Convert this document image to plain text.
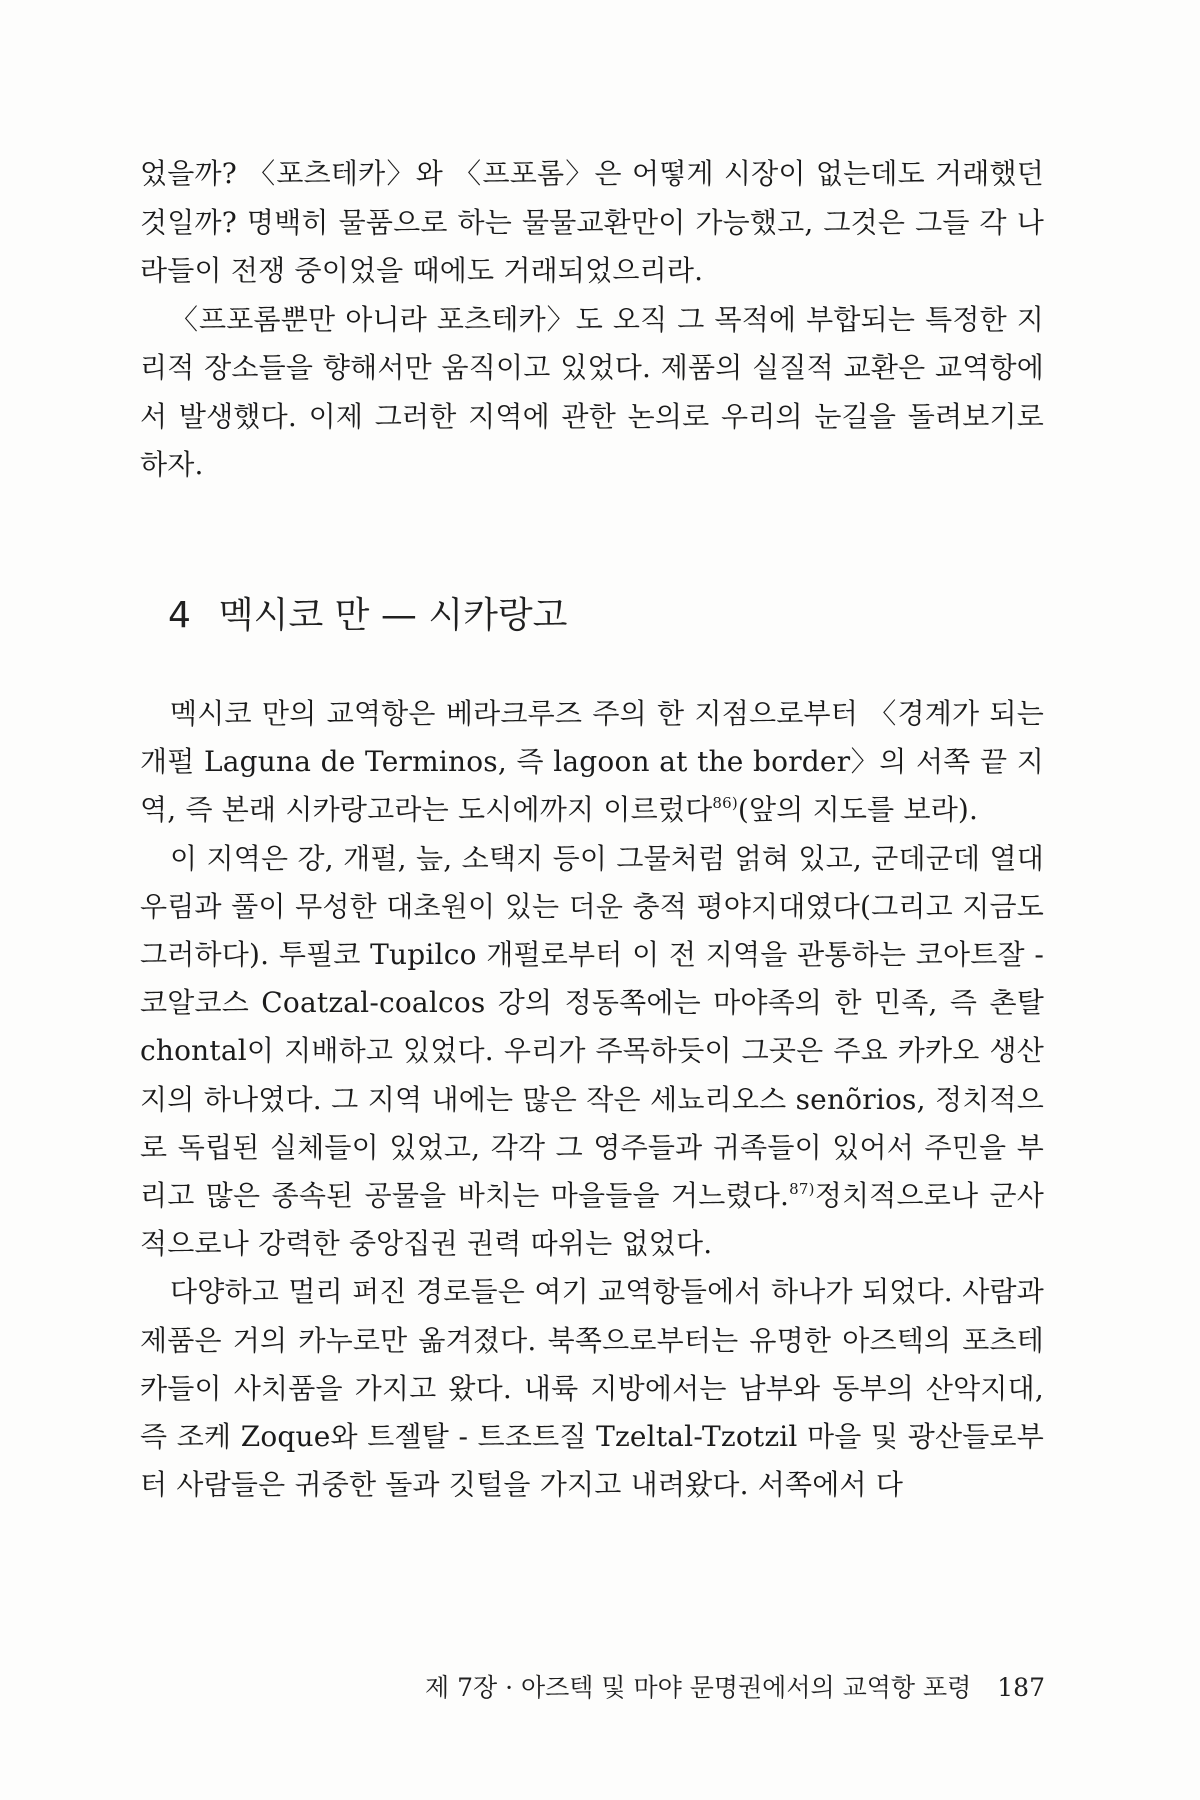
었을까? 〈포츠테카〉와 〈프포롬〉은 어떻게 시장이 없는데도 거래했던 것일까? 명백히 물품으로 하는 물물교환만이 가능했고, 그것은 그들 각 나라들이 전쟁 중이었을 때에도 거래되었으리라.

〈프포롬뿐만 아니라 포츠테카〉도 오직 그 목적에 부합되는 특정한 지리적 장소들을 향해서만 움직이고 있었다. 제품의 실질적 교환은 교역항에서 발생했다. 이제 그러한 지역에 관한 논의로 우리의 눈길을 돌려보기로 하자.

4 멕시코 만 — 시카랑고

멕시코 만의 교역항은 베라크루즈 주의 한 지점으로부터 〈경계가 되는 개펄 Laguna de Terminos, 즉 lagoon at the border〉의 서쪽 끝 지역, 즉 본래 시카랑고라는 도시에까지 이르렀다$^{86)}$(앞의 지도를 보라).

이 지역은 강, 개펄, 늪, 소택지 등이 그물처럼 얽혀 있고, 군데군데 열대우림과 풀이 무성한 대초원이 있는 더운 충적 평야지대였다(그리고 지금도 그러하다). 투필코 Tupilco 개펄로부터 이 전 지역을 관통하는 코아트잘 - 코알코스 Coatzal-coalcos 강의 정동쪽에는 마야족의 한 민족, 즉 촌탈 chontal이 지배하고 있었다. 우리가 주목하듯이 그곳은 주요 카카오 생산지의 하나였다. 그 지역 내에는 많은 작은 세뇨리오스 senõrios, 정치적으로 독립된 실체들이 있었고, 각각 그 영주들과 귀족들이 있어서 주민을 부리고 많은 종속된 공물을 바치는 마을들을 거느렸다.$^{87)}$정치적으로나 군사적으로나 강력한 중앙집권 권력 따위는 없었다.

다양하고 멀리 퍼진 경로들은 여기 교역항들에서 하나가 되었다. 사람과 제품은 거의 카누로만 옮겨졌다. 북쪽으로부터는 유명한 아즈텍의 포츠테카들이 사치품을 가지고 왔다. 내륙 지방에서는 남부와 동부의 산악지대, 즉 조케 Zoque와 트젤탈 - 트조트질 Tzeltal-Tzotzil 마을 및 광산들로부터 사람들은 귀중한 돌과 깃털을 가지고 내려왔다. 서쪽에서 다

제 7장 · 아즈텍 및 마야 문명권에서의 교역항 포령 187
